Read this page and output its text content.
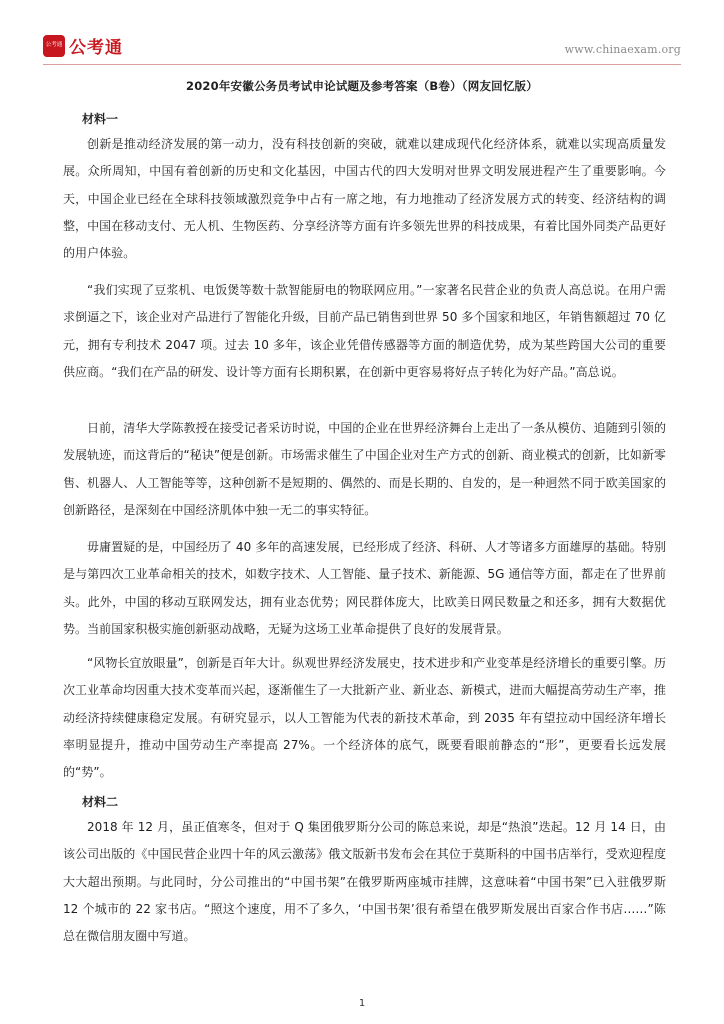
公考通 公考通	www.chinaexam.org
2020年安徽公务员考试申论试题及参考答案（B卷）（网友回忆版）
材料一

创新是推动经济发展的第一动力，没有科技创新的突破，就难以建成现代化经济体系，就难以实现高质量发展。众所周知，中国有着创新的历史和文化基因，中国古代的四大发明对世界文明发展进程产生了重要影响。今天，中国企业已经在全球科技领域激烈竞争中占有一席之地，有力地推动了经济发展方式的转变、经济结构的调整，中国在移动支付、无人机、生物医药、分享经济等方面有许多领先世界的科技成果，有着比国外同类产品更好的用户体验。

“我们实现了豆浆机、电饭煲等数十款智能厨电的物联网应用。”一家著名民营企业的负责人高总说。在用户需求倒逼之下，该企业对产品进行了智能化升级，目前产品已销售到世界 50 多个国家和地区，年销售额超过 70 亿元，拥有专利技术 2047 项。过去 10 多年，该企业凭借传感器等方面的制造优势，成为某些跨国大公司的重要供应商。“我们在产品的研发、设计等方面有长期积累，在创新中更容易将好点子转化为好产品。”高总说。

日前，清华大学陈教授在接受记者采访时说，中国的企业在世界经济舞台上走出了一条从模仿、追随到引领的发展轨迹，而这背后的“秘诀”便是创新。市场需求催生了中国企业对生产方式的创新、商业模式的创新，比如新零售、机器人、人工智能等等，这种创新不是短期的、偶然的、而是长期的、自发的，是一种迥然不同于欧美国家的创新路径，是深刻在中国经济肌体中独一无二的事实特征。

毋庸置疑的是，中国经历了 40 多年的高速发展，已经形成了经济、科研、人才等诸多方面雄厚的基础。特别是与第四次工业革命相关的技术，如数字技术、人工智能、量子技术、新能源、5G 通信等方面，都走在了世界前头。此外，中国的移动互联网发达，拥有业态优势；网民群体庞大，比欧美日网民数量之和还多，拥有大数据优势。当前国家积极实施创新驱动战略，无疑为这场工业革命提供了良好的发展背景。

“风物长宜放眼量”，创新是百年大计。纵观世界经济发展史，技术进步和产业变革是经济增长的重要引擎。历次工业革命均因重大技术变革而兴起，逐渐催生了一大批新产业、新业态、新模式，进而大幅提高劳动生产率，推动经济持续健康稳定发展。有研究显示，以人工智能为代表的新技术革命，到 2035 年有望拉动中国经济年增长率明显提升，推动中国劳动生产率提高 27%。一个经济体的底气，既要看眼前静态的“形”，更要看长远发展的“势”。

材料二

2018 年 12 月，虽正值寒冬，但对于 Q 集团俄罗斯分公司的陈总来说，却是“热浪”迭起。12 月 14 日，由该公司出版的《中国民营企业四十年的风云激荡》俄文版新书发布会在其位于莫斯科的中国书店举行，受欢迎程度大大超出预期。与此同时，分公司推出的“中国书架”在俄罗斯两座城市挂牌，这意味着“中国书架”已入驻俄罗斯 12 个城市的 22 家书店。“照这个速度，用不了多久，‘中国书架’很有希望在俄罗斯发展出百家合作书店……”陈总在微信朋友圈中写道。

1
